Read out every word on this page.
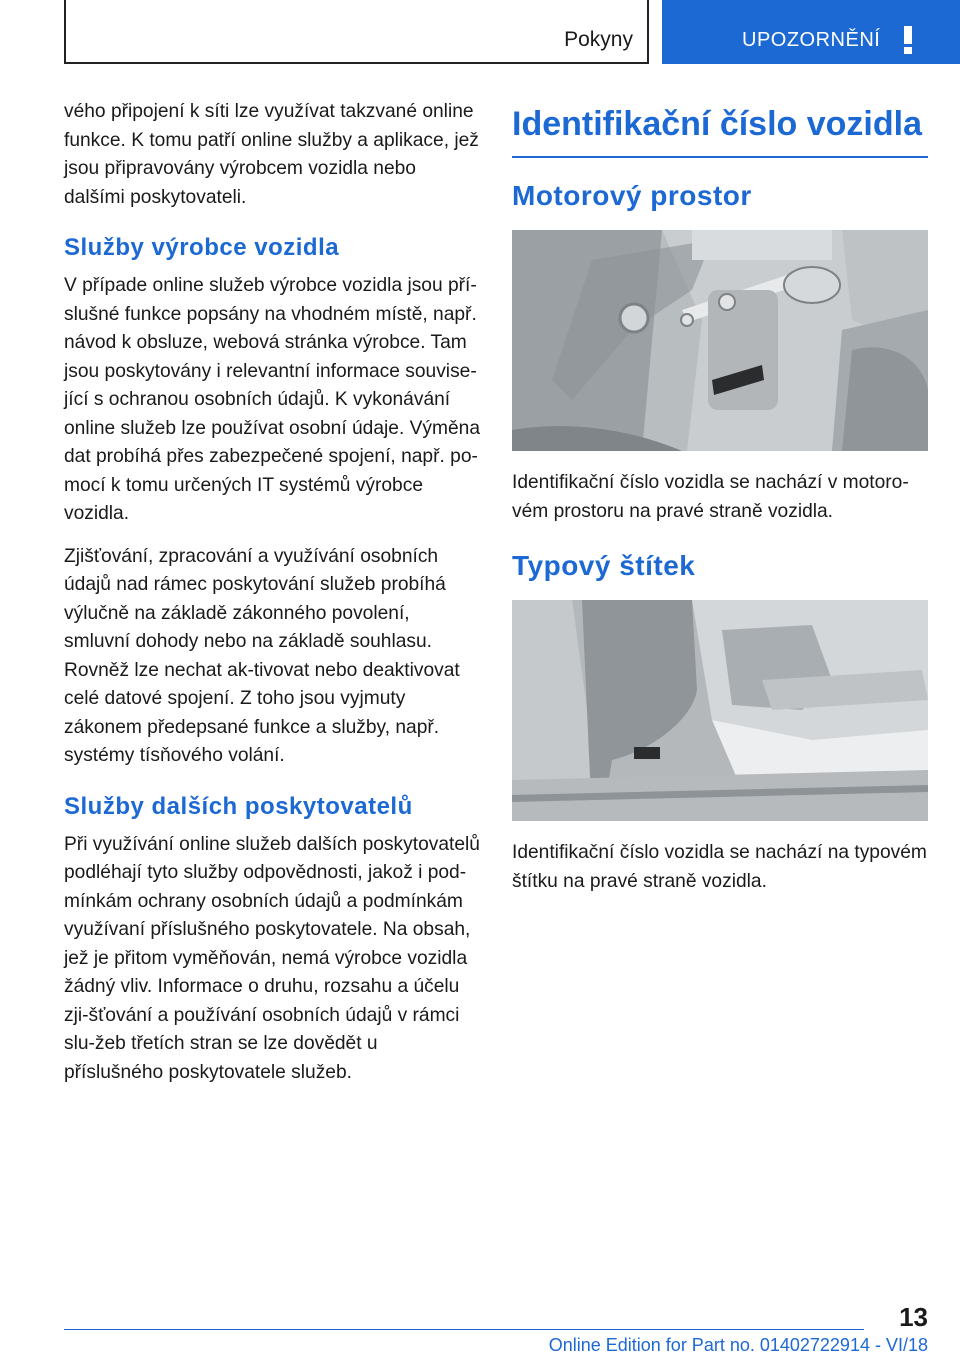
Pokyny	UPOZORNĚNÍ

vého připojení k síti lze využívat takzvané online funkce. K tomu patří online služby a aplikace, jež jsou připravovány výrobcem vozidla nebo dalšími poskytovateli.

Služby výrobce vozidla

V případe online služeb výrobce vozidla jsou pří-slušné funkce popsány na vhodném místě, např. návod k obsluze, webová stránka výrobce. Tam jsou poskytovány i relevantní informace souvise-jící s ochranou osobních údajů. K vykonávání online služeb lze používat osobní údaje. Výměna dat probíhá přes zabezpečené spojení, např. po-mocí k tomu určených IT systémů výrobce vozidla.

Zjišťování, zpracování a využívání osobních údajů nad rámec poskytování služeb probíhá výlučně na základě zákonného povolení, smluvní dohody nebo na základě souhlasu. Rovněž lze nechat ak-tivovat nebo deaktivovat celé datové spojení. Z toho jsou vyjmuty zákonem předepsané funkce a služby, např. systémy tísňového volání.

Služby dalších poskytovatelů

Při využívání online služeb dalších poskytovatelů podléhají tyto služby odpovědnosti, jakož i pod-mínkám ochrany osobních údajů a podmínkám využívaní příslušného poskytovatele. Na obsah, jež je přitom vyměňován, nemá výrobce vozidla žádný vliv. Informace o druhu, rozsahu a účelu zji-šťování a používání osobních údajů v rámci slu-žeb třetích stran se lze dovědět u příslušného poskytovatele služeb.

Identifikační číslo vozidla
Motorový prostor

Identifikační číslo vozidla se nachází v motoro-vém prostoru na pravé straně vozidla.

Typový štítek

Identifikační číslo vozidla se nachází na typovém štítku na pravé straně vozidla.

13
Online Edition for Part no. 01402722914 - VI/18
